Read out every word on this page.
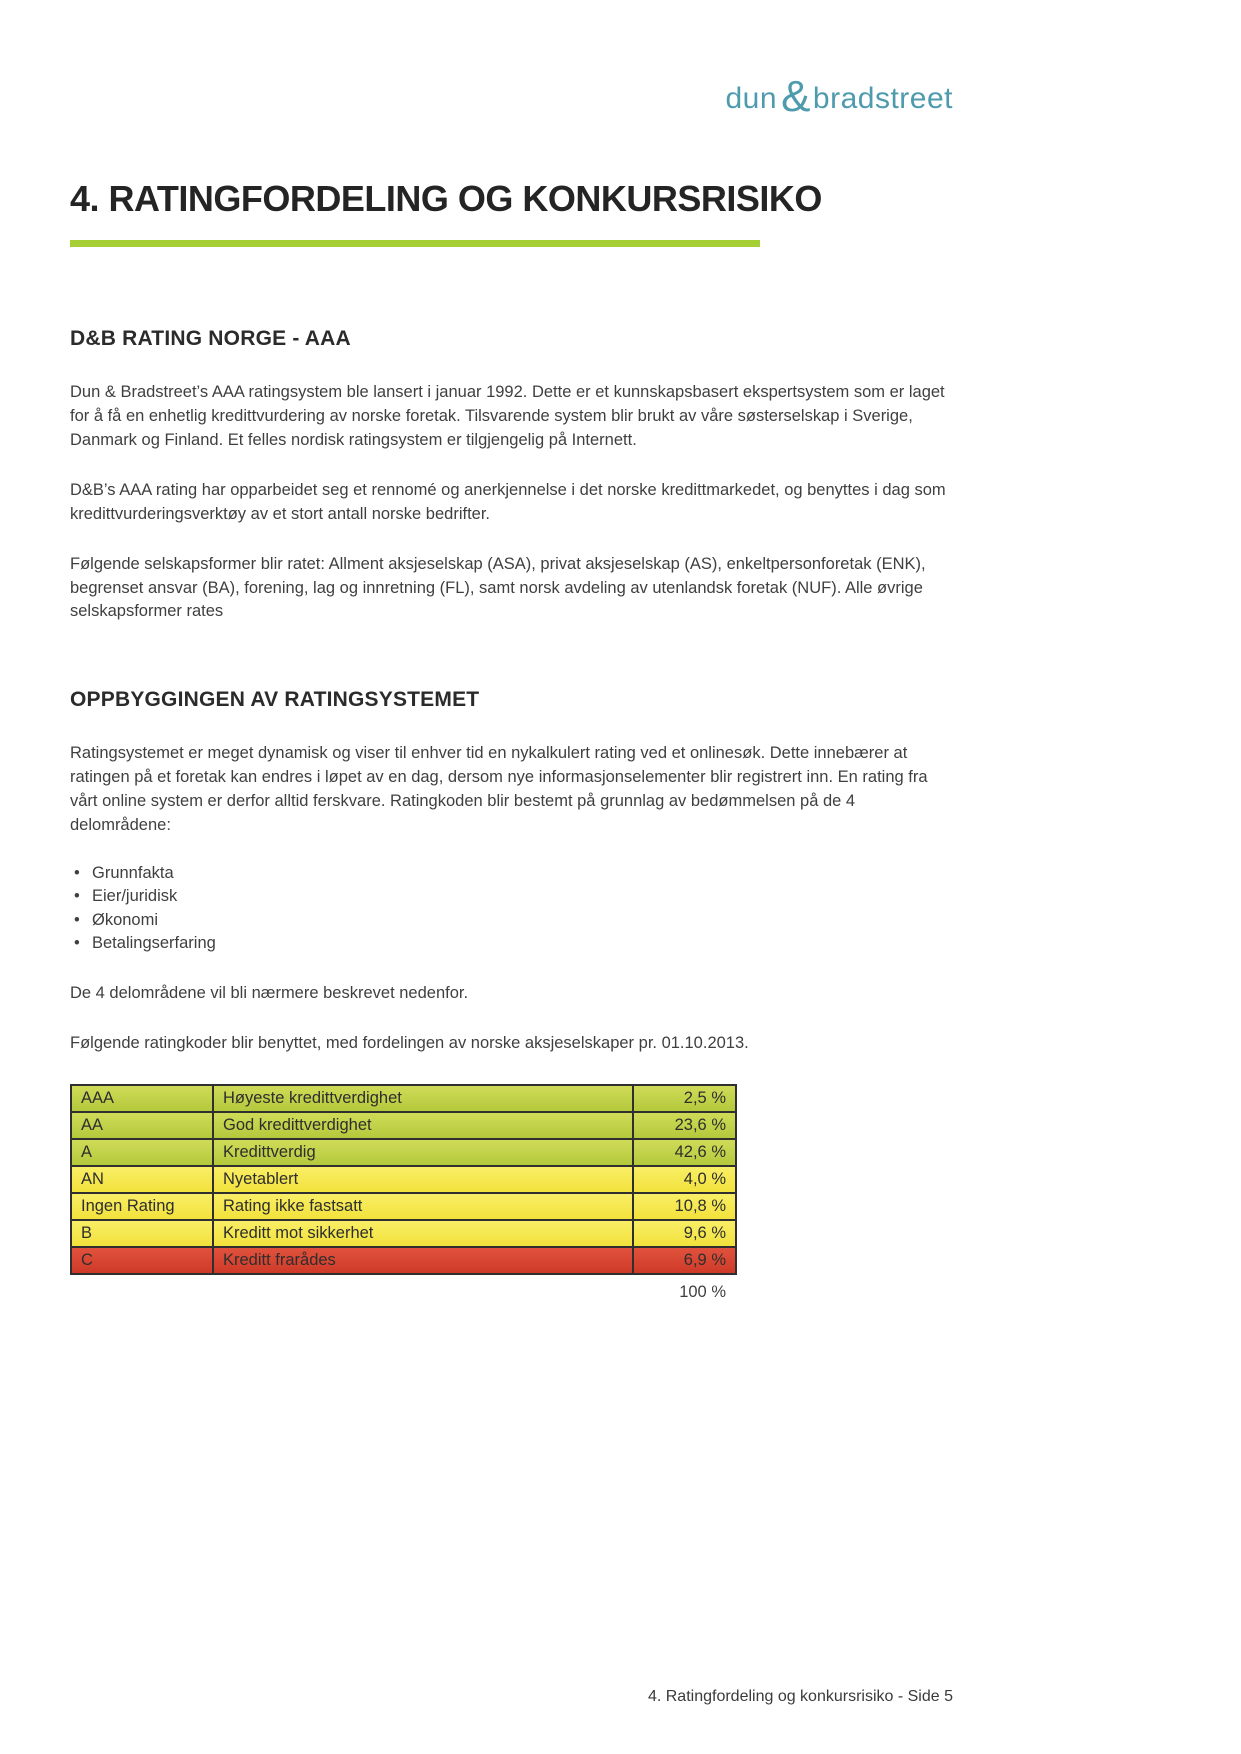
dun & bradstreet
4. RATINGFORDELING OG KONKURSRISIKO
D&B RATING NORGE - AAA

Dun & Bradstreet’s AAA ratingsystem ble lansert i januar 1992. Dette er et kunnskapsbasert ekspertsystem som er laget for å få en enhetlig kredittvurdering av norske foretak. Tilsvarende system blir brukt av våre søsterselskap i Sverige, Danmark og Finland. Et felles nordisk ratingsystem er tilgjengelig på Internett.

D&B’s AAA rating har opparbeidet seg et rennomé og anerkjennelse i det norske kredittmarkedet, og benyttes i dag som kredittvurderingsverktøy av et stort antall norske bedrifter.

Følgende selskapsformer blir ratet: Allment aksjeselskap (ASA), privat aksjeselskap (AS), enkeltpersonforetak (ENK), begrenset ansvar (BA), forening, lag og innretning (FL), samt norsk avdeling av utenlandsk foretak (NUF). Alle øvrige selskapsformer rates

OPPBYGGINGEN AV RATINGSYSTEMET

Ratingsystemet er meget dynamisk og viser til enhver tid en nykalkulert rating ved et onlinesøk. Dette innebærer at ratingen på et foretak kan endres i løpet av en dag, dersom nye informasjonselementer blir registrert inn. En rating fra vårt online system er derfor alltid ferskvare. Ratingkoden blir bestemt på grunnlag av bedømmelsen på de 4 delområdene:

• Grunnfakta
• Eier/juridisk
• Økonomi
• Betalingserfaring

De 4 delområdene vil bli nærmere beskrevet nedenfor.

Følgende ratingkoder blir benyttet, med fordelingen av norske aksjeselskaper pr. 01.10.2013.

AAA	Høyeste kredittverdighet	2,5 %
AA	God kredittverdighet	23,6 %
A	Kredittverdig	42,6 %
AN	Nyetablert	4,0 %
Ingen Rating	Rating ikke fastsatt	10,8 %
B	Kreditt mot sikkerhet	9,6 %
C	Kreditt frarådes	6,9 %
100 %
4. Ratingfordeling og konkursrisiko - Side 5
